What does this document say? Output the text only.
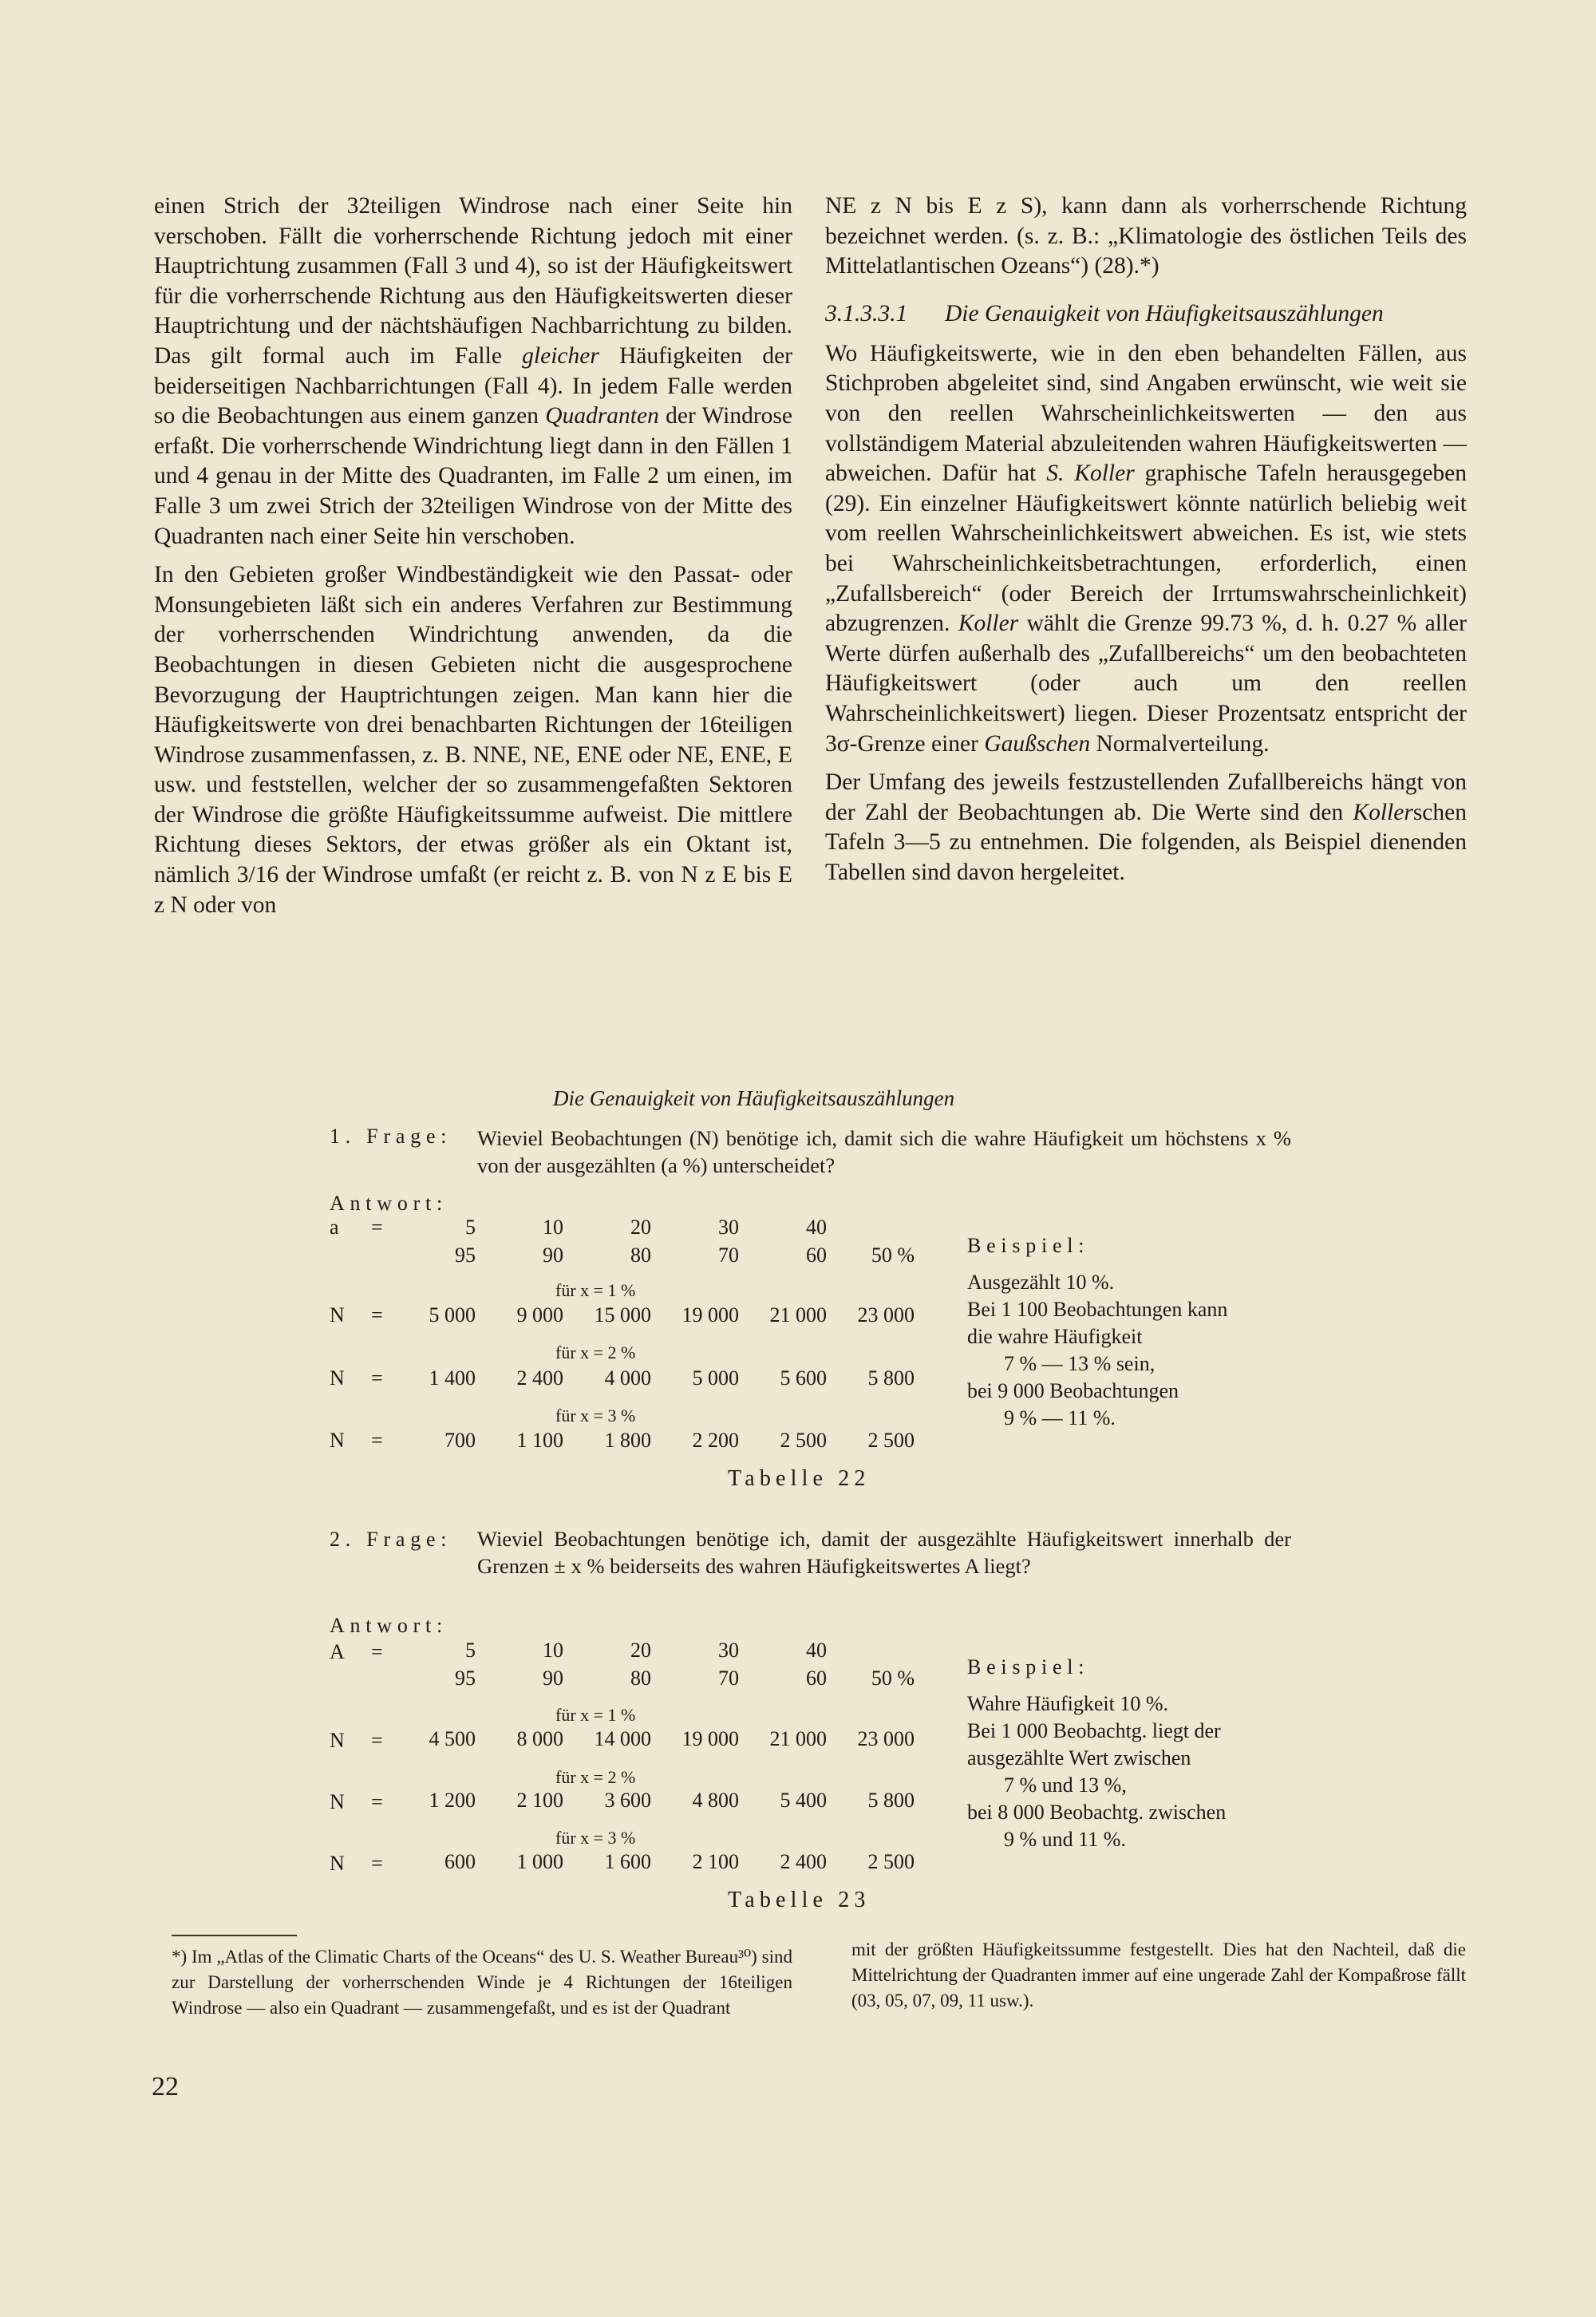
einen Strich der 32teiligen Windrose nach einer Seite hin verschoben. Fällt die vorherrschende Richtung jedoch mit einer Hauptrichtung zusammen (Fall 3 und 4), so ist der Häufigkeitswert für die vorherrschende Richtung aus den Häufigkeitswerten dieser Hauptrichtung und der nächtshäufigen Nachbarrichtung zu bilden. Das gilt formal auch im Falle gleicher Häufigkeiten der beiderseitigen Nachbarrichtungen (Fall 4). In jedem Falle werden so die Beobachtungen aus einem ganzen Quadranten der Windrose erfaßt. Die vorherrschende Windrichtung liegt dann in den Fällen 1 und 4 genau in der Mitte des Quadranten, im Falle 2 um einen, im Falle 3 um zwei Strich der 32teiligen Windrose von der Mitte des Quadranten nach einer Seite hin verschoben.

In den Gebieten großer Windbeständigkeit wie den Passat- oder Monsungebieten läßt sich ein anderes Verfahren zur Bestimmung der vorherrschenden Windrichtung anwenden, da die Beobachtungen in diesen Gebieten nicht die ausgesprochene Bevorzugung der Hauptrichtungen zeigen. Man kann hier die Häufigkeitswerte von drei benachbarten Richtungen der 16teiligen Windrose zusammenfassen, z. B. NNE, NE, ENE oder NE, ENE, E usw. und feststellen, welcher der so zusammengefaßten Sektoren der Windrose die größte Häufigkeitssumme aufweist. Die mittlere Richtung dieses Sektors, der etwas größer als ein Oktant ist, nämlich 3/16 der Windrose umfaßt (er reicht z. B. von N z E bis E z N oder von

NE z N bis E z S), kann dann als vorherrschende Richtung bezeichnet werden. (s. z. B.: „Klimatologie des östlichen Teils des Mittelatlantischen Ozeans“) (28).*)

3.1.3.3.1	Die Genauigkeit von Häufigkeitsauszählungen

Wo Häufigkeitswerte, wie in den eben behandelten Fällen, aus Stichproben abgeleitet sind, sind Angaben erwünscht, wie weit sie von den reellen Wahrscheinlichkeitswerten — den aus vollständigem Material abzuleitenden wahren Häufigkeitswerten — abweichen. Dafür hat S. Koller graphische Tafeln herausgegeben (29). Ein einzelner Häufigkeitswert könnte natürlich beliebig weit vom reellen Wahrscheinlichkeitswert abweichen. Es ist, wie stets bei Wahrscheinlichkeitsbetrachtungen, erforderlich, einen „Zufallsbereich“ (oder Bereich der Irrtumswahrscheinlichkeit) abzugrenzen. Koller wählt die Grenze 99.73 %, d. h. 0.27 % aller Werte dürfen außerhalb des „Zufallbereichs“ um den beobachteten Häufigkeitswert (oder auch um den reellen Wahrscheinlichkeitswert) liegen. Dieser Prozentsatz entspricht der 3σ-Grenze einer Gaußschen Normalverteilung.

Der Umfang des jeweils festzustellenden Zufallbereichs hängt von der Zahl der Beobachtungen ab. Die Werte sind den Kollerschen Tafeln 3—5 zu entnehmen. Die folgenden, als Beispiel dienenden Tabellen sind davon hergeleitet.

Die Genauigkeit von Häufigkeitsauszählungen
1. Frage: Wieviel Beobachtungen (N) benötige ich, damit sich die wahre Häufigkeit um höchstens x % von der ausgezählten (a %) unterscheidet?
Antwort:
a =	5	10	20	30	40
95	90	80	70	60	50 %
für x = 1 %
N =	5 000	9 000	15 000	19 000	21 000	23 000
für x = 2 %
N =	1 400	2 400	4 000	5 000	5 600	5 800
für x = 3 %
N =	700	1 100	1 800	2 200	2 500	2 500
Beispiel:
Ausgezählt 10 %.
Bei 1 100 Beobachtungen kann
die wahre Häufigkeit
7 % — 13 % sein,
bei 9 000 Beobachtungen
9 % — 11 %.
Tabelle 22
2. Frage: Wieviel Beobachtungen benötige ich, damit der ausgezählte Häufigkeitswert innerhalb der Grenzen ± x % beiderseits des wahren Häufigkeitswertes A liegt?
Antwort:
A =	5	10	20	30	40
95	90	80	70	60	50 %
für x = 1 %
N =	4 500	8 000	14 000	19 000	21 000	23 000
für x = 2 %
N =	1 200	2 100	3 600	4 800	5 400	5 800
für x = 3 %
N =	600	1 000	1 600	2 100	2 400	2 500
Beispiel:
Wahre Häufigkeit 10 %.
Bei 1 000 Beobachtg. liegt der
ausgezählte Wert zwischen
7 % und 13 %,
bei 8 000 Beobachtg. zwischen
9 % und 11 %.
Tabelle 23
*) Im „Atlas of the Climatic Charts of the Oceans“ des U. S. Weather Bureau³⁰) sind zur Darstellung der vorherrschenden Winde je 4 Richtungen der 16teiligen Windrose — also ein Quadrant — zusammengefaßt, und es ist der Quadrant
mit der größten Häufigkeitssumme festgestellt. Dies hat den Nachteil, daß die Mittelrichtung der Quadranten immer auf eine ungerade Zahl der Kompaßrose fällt (03, 05, 07, 09, 11 usw.).
22
